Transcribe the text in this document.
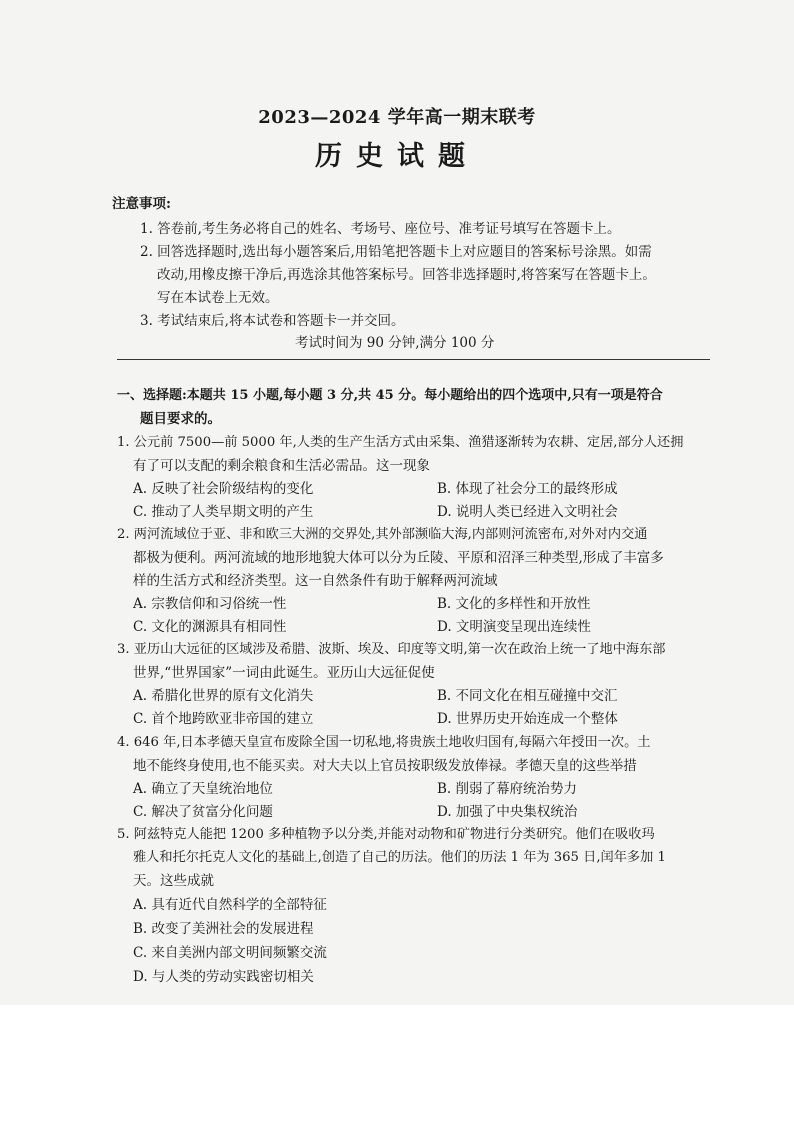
2023—2024 学年高一期末联考
历史试题
注意事项:
1. 答卷前,考生务必将自己的姓名、考场号、座位号、准考证号填写在答题卡上。
2. 回答选择题时,选出每小题答案后,用铅笔把答题卡上对应题目的答案标号涂黑。如需
改动,用橡皮擦干净后,再选涂其他答案标号。回答非选择题时,将答案写在答题卡上。
写在本试卷上无效。
3. 考试结束后,将本试卷和答题卡一并交回。
考试时间为 90 分钟,满分 100 分
一、选择题:本题共 15 小题,每小题 3 分,共 45 分。每小题给出的四个选项中,只有一项是符合
题目要求的。
1. 公元前 7500—前 5000 年,人类的生产生活方式由采集、渔猎逐渐转为农耕、定居,部分人还拥
有了可以支配的剩余粮食和生活必需品。这一现象
A. 反映了社会阶级结构的变化	B. 体现了社会分工的最终形成
C. 推动了人类早期文明的产生	D. 说明人类已经进入文明社会
2. 两河流域位于亚、非和欧三大洲的交界处,其外部濒临大海,内部则河流密布,对外对内交通
都极为便利。两河流域的地形地貌大体可以分为丘陵、平原和沼泽三种类型,形成了丰富多
样的生活方式和经济类型。这一自然条件有助于解释两河流域
A. 宗教信仰和习俗统一性	B. 文化的多样性和开放性
C. 文化的渊源具有相同性	D. 文明演变呈现出连续性
3. 亚历山大远征的区域涉及希腊、波斯、埃及、印度等文明,第一次在政治上统一了地中海东部
世界,“世界国家”一词由此诞生。亚历山大远征促使
A. 希腊化世界的原有文化消失	B. 不同文化在相互碰撞中交汇
C. 首个地跨欧亚非帝国的建立	D. 世界历史开始连成一个整体
4. 646 年,日本孝德天皇宣布废除全国一切私地,将贵族土地收归国有,每隔六年授田一次。土
地不能终身使用,也不能买卖。对大夫以上官员按职级发放俸禄。孝德天皇的这些举措
A. 确立了天皇统治地位	B. 削弱了幕府统治势力
C. 解决了贫富分化问题	D. 加强了中央集权统治
5. 阿兹特克人能把 1200 多种植物予以分类,并能对动物和矿物进行分类研究。他们在吸收玛
雅人和托尔托克人文化的基础上,创造了自己的历法。他们的历法 1 年为 365 日,闰年多加 1
天。这些成就
A. 具有近代自然科学的全部特征
B. 改变了美洲社会的发展进程
C. 来自美洲内部文明间频繁交流
D. 与人类的劳动实践密切相关
